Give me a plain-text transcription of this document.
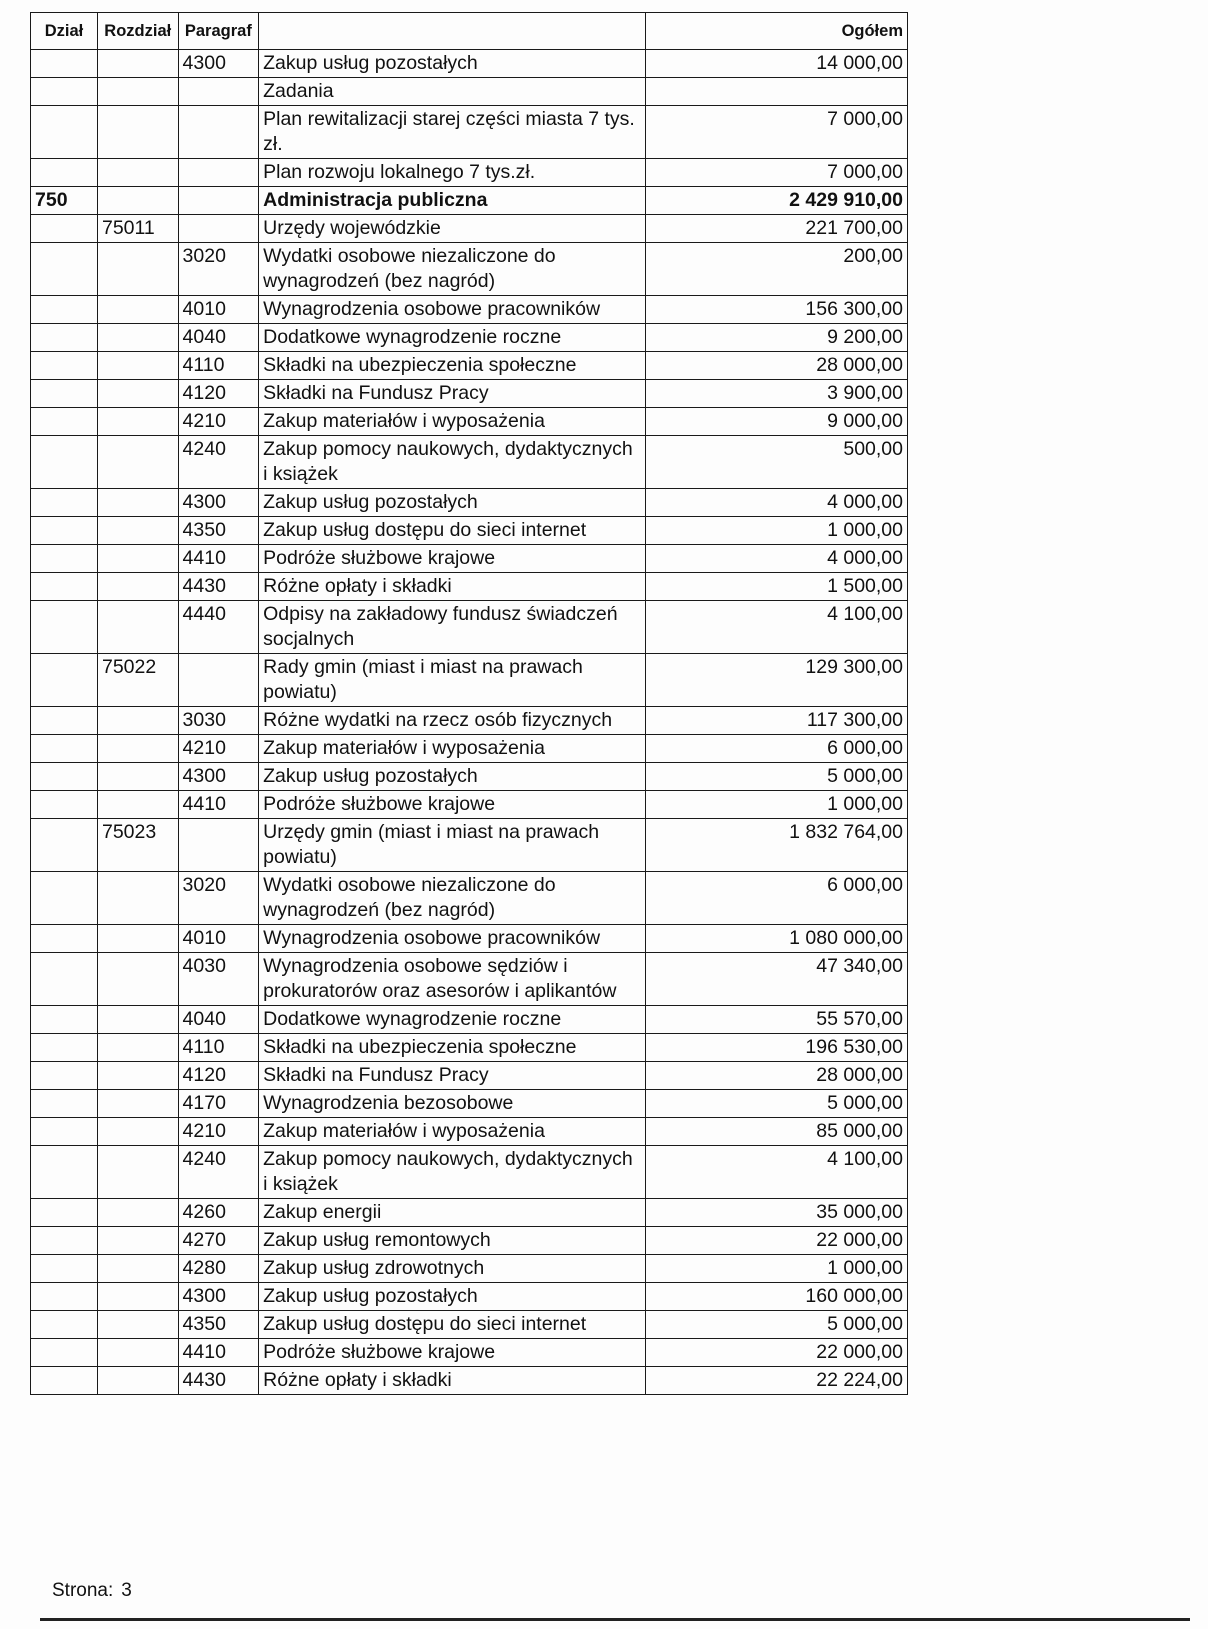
Dział	Rozdział	Paragraf		Ogółem
		4300	Zakup usług pozostałych	14 000,00
			Zadania	
			Plan rewitalizacji starej części miasta 7 tys. zł.	7 000,00
			Plan rozwoju lokalnego 7 tys.zł.	7 000,00
750			Administracja publiczna	2 429 910,00
	75011		Urzędy wojewódzkie	221 700,00
		3020	Wydatki osobowe niezaliczone do wynagrodzeń (bez nagród)	200,00
		4010	Wynagrodzenia osobowe pracowników	156 300,00
		4040	Dodatkowe wynagrodzenie roczne	9 200,00
		4110	Składki na ubezpieczenia społeczne	28 000,00
		4120	Składki na Fundusz Pracy	3 900,00
		4210	Zakup materiałów i wyposażenia	9 000,00
		4240	Zakup pomocy naukowych, dydaktycznych i książek	500,00
		4300	Zakup usług pozostałych	4 000,00
		4350	Zakup usług dostępu do sieci internet	1 000,00
		4410	Podróże służbowe krajowe	4 000,00
		4430	Różne opłaty i składki	1 500,00
		4440	Odpisy na zakładowy fundusz świadczeń socjalnych	4 100,00
	75022		Rady gmin (miast i miast na prawach powiatu)	129 300,00
		3030	Różne wydatki na rzecz osób fizycznych	117 300,00
		4210	Zakup materiałów i wyposażenia	6 000,00
		4300	Zakup usług pozostałych	5 000,00
		4410	Podróże służbowe krajowe	1 000,00
	75023		Urzędy gmin (miast i miast na prawach powiatu)	1 832 764,00
		3020	Wydatki osobowe niezaliczone do wynagrodzeń (bez nagród)	6 000,00
		4010	Wynagrodzenia osobowe pracowników	1 080 000,00
		4030	Wynagrodzenia osobowe sędziów i prokuratorów oraz asesorów i aplikantów	47 340,00
		4040	Dodatkowe wynagrodzenie roczne	55 570,00
		4110	Składki na ubezpieczenia społeczne	196 530,00
		4120	Składki na Fundusz Pracy	28 000,00
		4170	Wynagrodzenia bezosobowe	5 000,00
		4210	Zakup materiałów i wyposażenia	85 000,00
		4240	Zakup pomocy naukowych, dydaktycznych i książek	4 100,00
		4260	Zakup energii	35 000,00
		4270	Zakup usług remontowych	22 000,00
		4280	Zakup usług zdrowotnych	1 000,00
		4300	Zakup usług pozostałych	160 000,00
		4350	Zakup usług dostępu do sieci internet	5 000,00
		4410	Podróże służbowe krajowe	22 000,00
		4430	Różne opłaty i składki	22 224,00
Strona: 3
